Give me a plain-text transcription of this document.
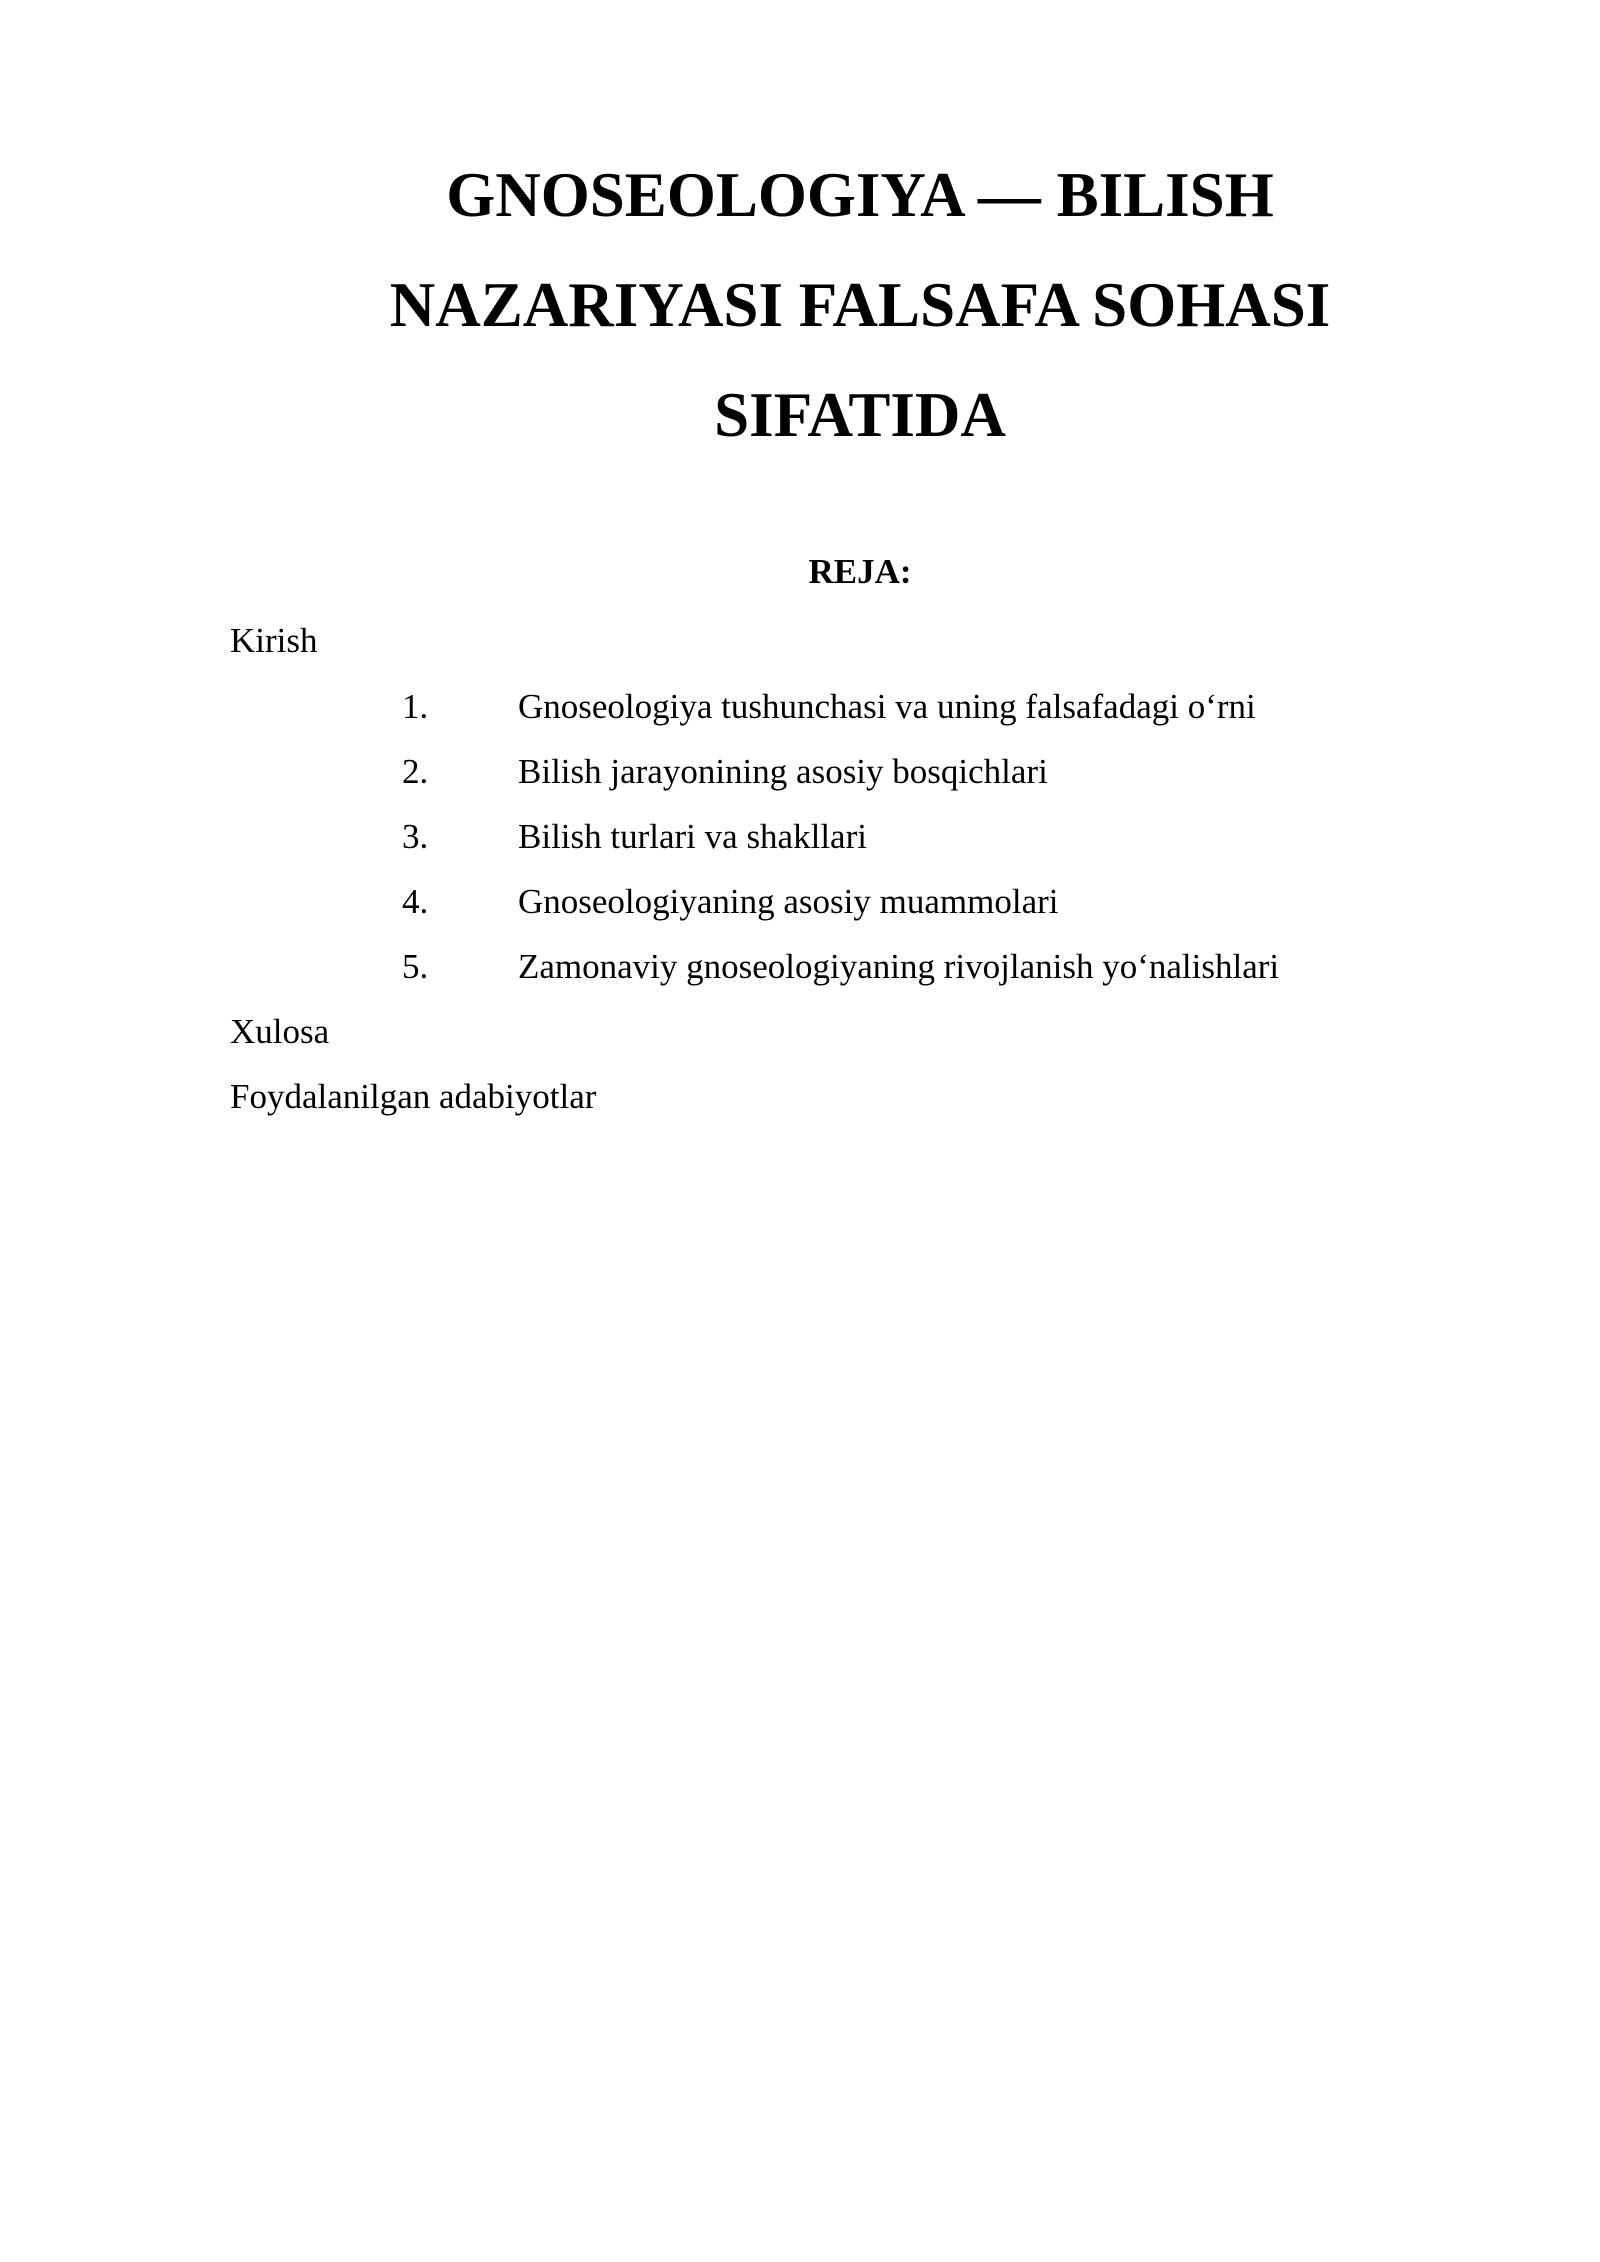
GNOSEOLOGIYA — BILISH
NAZARIYASI FALSAFA SOHASI
SIFATIDA

REJA:

Kirish

1.	Gnoseologiya tushunchasi va uning falsafadagi o‘rni
2.	Bilish jarayonining asosiy bosqichlari
3.	Bilish turlari va shakllari
4.	Gnoseologiyaning asosiy muammolari
5.	Zamonaviy gnoseologiyaning rivojlanish yo‘nalishlari

Xulosa

Foydalanilgan adabiyotlar
